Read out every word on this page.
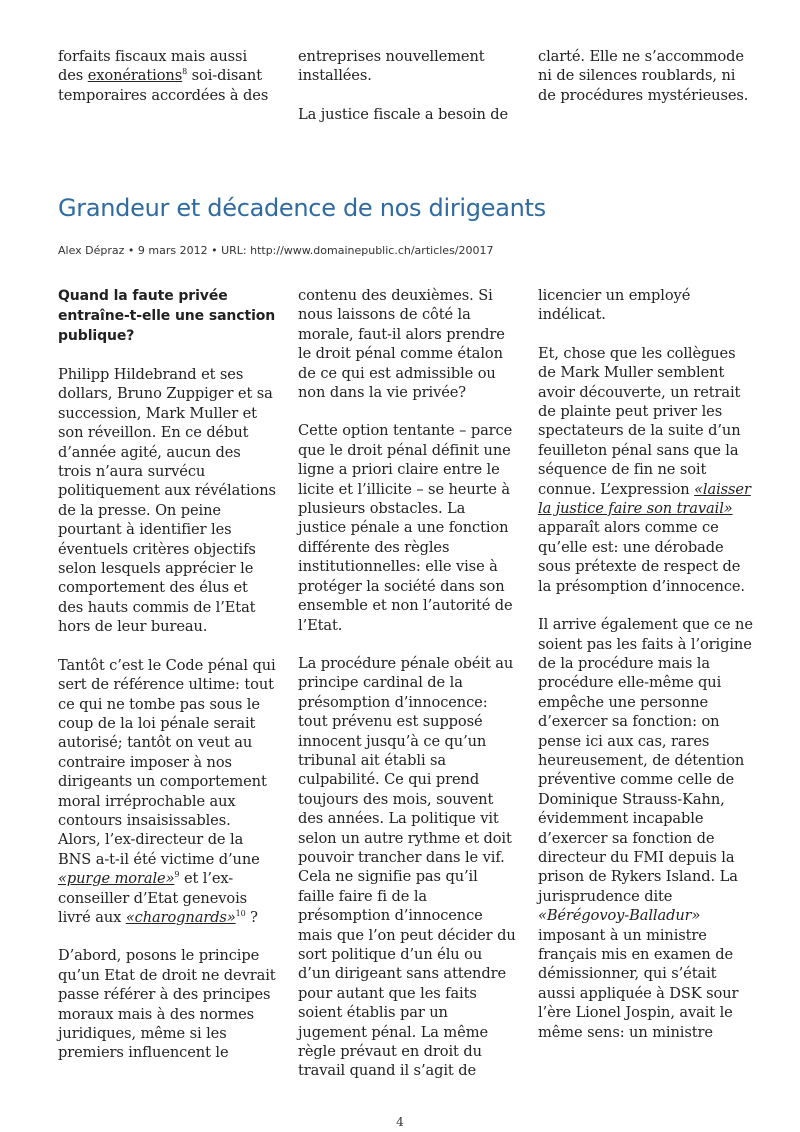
forfaits fiscaux mais aussi des exonérations$^8$ soi-disant temporaires accordées à des

entreprises nouvellement installées.

La justice fiscale a besoin de

clarté. Elle ne s’accommode ni de silences roublards, ni de procédures mystérieuses.

Grandeur et décadence de nos dirigeants
Alex Dépraz • 9 mars 2012 • URL: http://www.domainepublic.ch/articles/20017

Quand la faute privée entraîne-t-elle une sanction publique?

Philipp Hildebrand et ses dollars, Bruno Zuppiger et sa succession, Mark Muller et son réveillon. En ce début d’année agité, aucun des trois n’aura survécu politiquement aux révélations de la presse. On peine pourtant à identifier les éventuels critères objectifs selon lesquels apprécier le comportement des élus et des hauts commis de l’Etat hors de leur bureau.

Tantôt c’est le Code pénal qui sert de référence ultime: tout ce qui ne tombe pas sous le coup de la loi pénale serait autorisé; tantôt on veut au contraire imposer à nos dirigeants un comportement moral irréprochable aux contours insaisissables. Alors, l’ex-directeur de la BNS a-t-il été victime d’une «purge morale»$^9$ et l’ex-conseiller d’Etat genevois livré aux «charognards»$^{10}$ ?

D’abord, posons le principe qu’un Etat de droit ne devrait passe référer à des principes moraux mais à des normes juridiques, même si les premiers influencent le

contenu des deuxièmes. Si nous laissons de côté la morale, faut-il alors prendre le droit pénal comme étalon de ce qui est admissible ou non dans la vie privée?

Cette option tentante – parce que le droit pénal définit une ligne a priori claire entre le licite et l’illicite – se heurte à plusieurs obstacles. La justice pénale a une fonction différente des règles institutionnelles: elle vise à protéger la société dans son ensemble et non l’autorité de l’Etat.

La procédure pénale obéit au principe cardinal de la présomption d’innocence: tout prévenu est supposé innocent jusqu’à ce qu’un tribunal ait établi sa culpabilité. Ce qui prend toujours des mois, souvent des années. La politique vit selon un autre rythme et doit pouvoir trancher dans le vif. Cela ne signifie pas qu’il faille faire fi de la présomption d’innocence mais que l’on peut décider du sort politique d’un élu ou d’un dirigeant sans attendre pour autant que les faits soient établis par un jugement pénal. La même règle prévaut en droit du travail quand il s’agit de

licencier un employé indélicat.

Et, chose que les collègues de Mark Muller semblent avoir découverte, un retrait de plainte peut priver les spectateurs de la suite d’un feuilleton pénal sans que la séquence de fin ne soit connue. L’expression «laisser la justice faire son travail» apparaît alors comme ce qu’elle est: une dérobade sous prétexte de respect de la présomption d’innocence.

Il arrive également que ce ne soient pas les faits à l’origine de la procédure mais la procédure elle-même qui empêche une personne d’exercer sa fonction: on pense ici aux cas, rares heureusement, de détention préventive comme celle de Dominique Strauss-Kahn, évidemment incapable d’exercer sa fonction de directeur du FMI depuis la prison de Rykers Island. La jurisprudence dite «Bérégovoy-Balladur» imposant à un ministre français mis en examen de démissionner, qui s’était aussi appliquée à DSK sour l’ère Lionel Jospin, avait le même sens: un ministre

4
